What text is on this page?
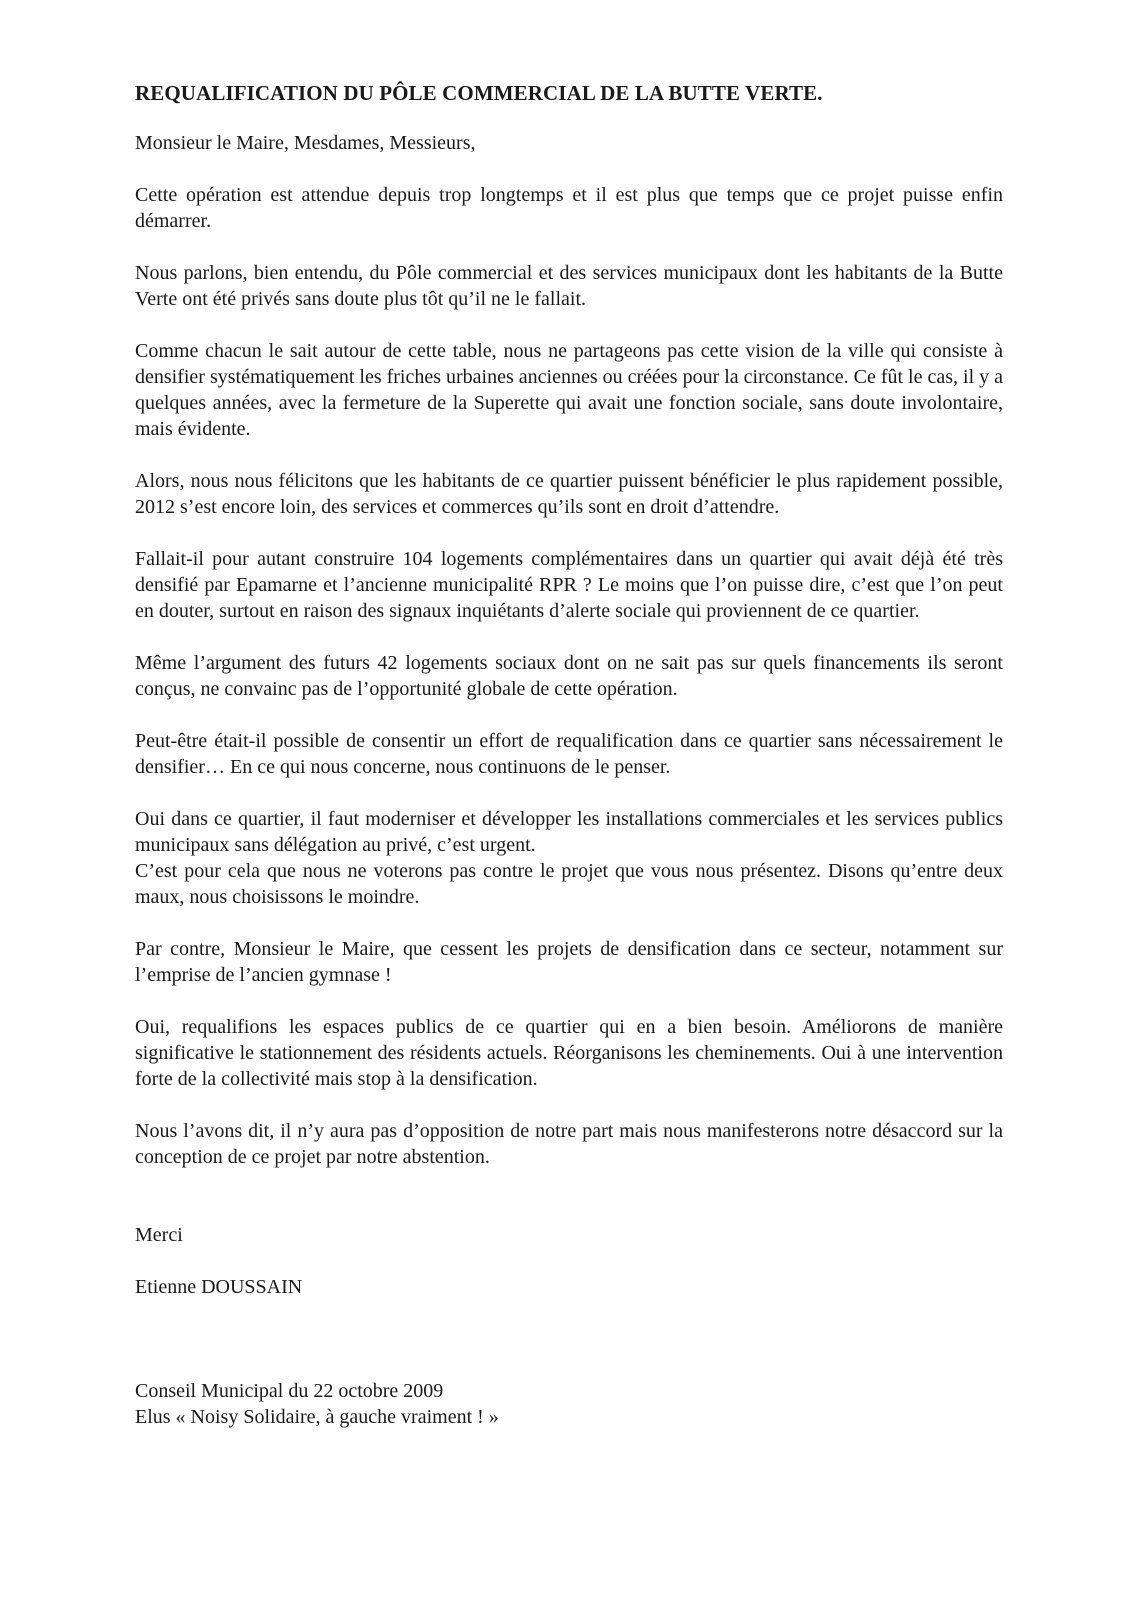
REQUALIFICATION DU PÔLE COMMERCIAL DE LA BUTTE VERTE.
Monsieur le Maire, Mesdames, Messieurs,

Cette opération est attendue depuis trop longtemps et il est plus que temps que ce projet puisse enfin démarrer.

Nous parlons, bien entendu, du Pôle commercial et des services municipaux dont les habitants de la Butte Verte ont été privés sans doute plus tôt qu’il ne le fallait.

Comme chacun le sait autour de cette table, nous ne partageons pas cette vision de la ville qui consiste à densifier systématiquement les friches urbaines anciennes ou créées pour la circonstance. Ce fût le cas, il y a quelques années, avec la fermeture de la Superette qui avait une fonction sociale, sans doute involontaire, mais évidente.

Alors, nous nous félicitons que les habitants de ce quartier puissent bénéficier le plus rapidement possible, 2012 s’est encore loin, des services et commerces qu’ils sont en droit d’attendre.

Fallait-il pour autant construire 104 logements complémentaires dans un quartier qui avait déjà été très densifié par Epamarne et l’ancienne municipalité RPR ? Le moins que l’on puisse dire, c’est que l’on peut en douter, surtout en raison des signaux inquiétants d’alerte sociale qui proviennent de ce quartier.

Même l’argument des futurs 42 logements sociaux dont on ne sait pas sur quels financements ils seront conçus, ne convainc pas de l’opportunité globale de cette opération.

Peut-être était-il possible de consentir un effort de requalification dans ce quartier sans nécessairement le densifier… En ce qui nous concerne, nous continuons de le penser.

Oui dans ce quartier, il faut moderniser et développer les installations commerciales et les services publics municipaux sans délégation au privé, c’est urgent.

C’est pour cela que nous ne voterons pas contre le projet que vous nous présentez. Disons qu’entre deux maux, nous choisissons le moindre.

Par contre, Monsieur le Maire, que cessent les projets de densification dans ce secteur, notamment sur l’emprise de l’ancien gymnase !

Oui, requalifions les espaces publics de ce quartier qui en a bien besoin. Améliorons de manière significative le stationnement des résidents actuels. Réorganisons les cheminements. Oui à une intervention forte de la collectivité mais stop à la densification.

Nous l’avons dit, il n’y aura pas d’opposition de notre part mais nous manifesterons notre désaccord sur la conception de ce projet par notre abstention.

Merci
Etienne DOUSSAIN
Conseil Municipal du 22 octobre 2009
Elus « Noisy Solidaire, à gauche vraiment ! »
